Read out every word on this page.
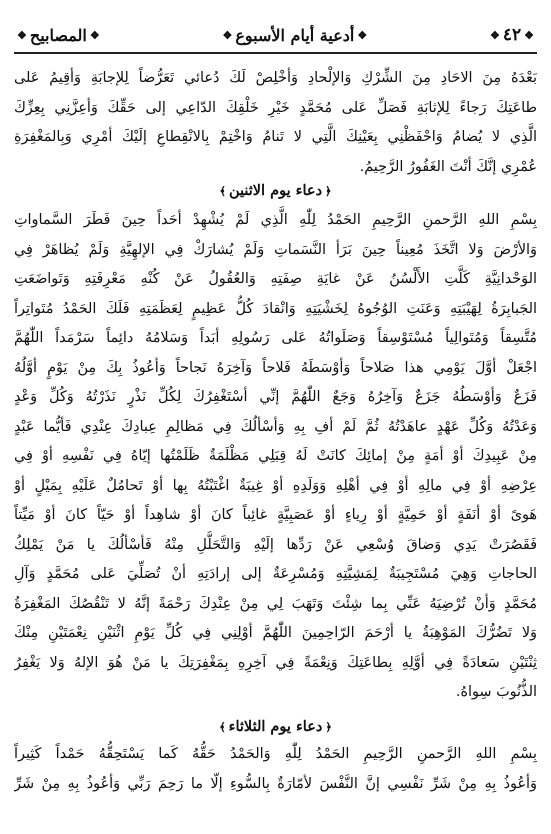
❖
٤٢
❖
❖
أدعية أيام الأسبوع
❖
❖
المصابيح
❖
بَعْدَهُ مِنَ الاحَادِ مِنَ الشِّرْكِ وَالإلْحادِ وَأخْلِصْ لَكَ دُعائي تَعَرُّضاً لِلإجابَةِ وَأقِيمُ عَلى
طاعَتِكَ رَجاءً لِلإثابَةِ فَصَلِّ عَلى مُحَمَّدٍ خَيْرِ خَلْقِكَ الدّاعِي إلى حَقِّكَ وَأعِزَّنِي بِعِزِّكَ
الَّذِي لا يُضامُ وَاحْفَظْنِي بِعَيْنِكَ الَّتِي لا تَنامُ وَاخْتِمْ بِالانْقِطاعِ إلَيْكَ أمْرِي وَبِالمَغْفِرَةِ
عُمْرِي إنَّكَ أنْتَ الغَفُورُ الرَّحِيمُ.
﴿دعاء يوم الاثنين﴾
بِسْمِ اللهِ الرَّحمنِ الرَّحِيمِ الحَمْدُ لِلّٰهِ الَّذِي لَمْ يُشْهِدْ أحَداً حِينَ فَطَرَ السَّماواتِ
وَالأرْضَ وَلا اتَّخَذَ مُعِيناً حِينَ بَرَأ النَّسَماتِ وَلَمْ يُشارَكْ فِي الإلهِيَّةِ وَلَمْ يُظاهَرْ فِي
الوَحْدانِيَّةِ كَلَّتِ الأَلْسُنُ عَنْ غايَةِ صِفَتِهِ وَالعُقُولُ عَنْ كُنْهِ مَعْرِفَتِهِ وَتَواضَعَتِ
الجَبابِرَةُ لِهَيْبَتِهِ وَعَنَتِ الوُجُوهُ لِخَشْيَتِهِ وَانْقادَ كُلُّ عَظِيمٍ لِعَظَمَتِهِ فَلَكَ الحَمْدُ مُتَواتِراً
مُتَّسِقاً وَمُتَوالِياً مُسْتَوْسِقاً وَصَلَواتُهُ عَلى رَسُولِهِ أبَداً وَسَلامُهُ دائِماً سَرْمَداً اللّٰهُمَّ
اجْعَلْ أوَّلَ يَوْمِي هذا صَلاحاً وَأوْسَطَهُ فَلاحاً وَآخِرَهُ نَجاحاً وَأعُوذُ بِكَ مِنْ يَوْمٍ أوَّلُهُ
فَزَعٌ وَأوْسَطُهُ جَزَعٌ وَآخِرُهُ وَجَعٌ اللّٰهُمَّ إنِّي أسْتَغْفِرُكَ لِكُلِّ نَذْرٍ نَذَرْتُهُ وَكُلِّ وَعْدٍ
وَعَدْتُهُ وَكُلِّ عَهْدٍ عاهَدْتُهُ ثُمَّ لَمْ أفِ بِهِ وَأسْألُكَ فِي مَظالِمِ عِبادِكَ عِنْدِي فَأيُّما عَبْدٍ
مِنْ عَبِيدِكَ أوْ أمَةٍ مِنْ إمائِكَ كانَتْ لَهُ قِبَلِي مَظْلَمَةٌ ظَلَمْتُها إيّاهُ فِي نَفْسِهِ أوْ فِي
عِرْضِهِ أوْ فِي مالِهِ أوْ فِي أهْلِهِ وَوَلَدِهِ أوْ غِيبَةٌ اغْتَبْتُهُ بِها أوْ تَحامُلٌ عَلَيْهِ بِمَيْلٍ أوْ
هَوىً أوْ أنَفَةٍ أوْ حَمِيَّةٍ أوْ رِياءٍ أوْ عَصَبِيَّةٍ غائِباً كانَ أوْ شاهِداً أوْ حَيّاً كانَ أوْ مَيِّتاً
فَقَصُرَتْ يَدِي وَضاقَ وُسْعِي عَنْ رَدِّها إلَيْهِ وَالتَّحَلُّلِ مِنْهُ فَأسْألُكَ يا مَنْ يَمْلِكُ
الحاجاتِ وَهِيَ مُسْتَجِيبَةٌ لِمَشِيَّتِهِ وَمُسْرِعَةٌ إلى إرادَتِهِ أنْ تُصَلِّيَ عَلى مُحَمَّدٍ وَآلِ
مُحَمَّدٍ وَأنْ تُرْضِيَهُ عَنِّي بِما شِئْتَ وَتَهَبَ لِي مِنْ عِنْدِكَ رَحْمَةً إنَّهُ لا تَنْقُصُكَ المَغْفِرَةُ
وَلا تَضُرُّكَ المَوْهِبَةُ يا أرْحَمَ الرّاحِمِينَ اللّٰهُمَّ أوْلِنِي فِي كُلِّ يَوْمِ اثْنَيْنِ نِعْمَتَيْنِ مِنْكَ
ثِنْتَيْنِ سَعادَةً فِي أوَّلِهِ بِطاعَتِكَ وَنِعْمَةً فِي آخِرِهِ بِمَغْفِرَتِكَ يا مَنْ هُوَ الإلهُ وَلا يَغْفِرُ
الذُّنُوبَ سِواهُ.
﴿دعاء يوم الثلاثاء﴾
بِسْمِ اللهِ الرَّحمنِ الرَّحِيمِ الحَمْدُ لِلّٰهِ وَالحَمْدُ حَقُّهُ كَما يَسْتَحِقُّهُ حَمْداً كَثِيراً
وَأعُوذُ بِهِ مِنْ شَرِّ نَفْسِي إنَّ النَّفْسَ لأمّارَةٌ بِالسُّوءِ إلّا ما رَحِمَ رَبِّي وَأعُوذُ بِهِ مِنْ شَرِّ
